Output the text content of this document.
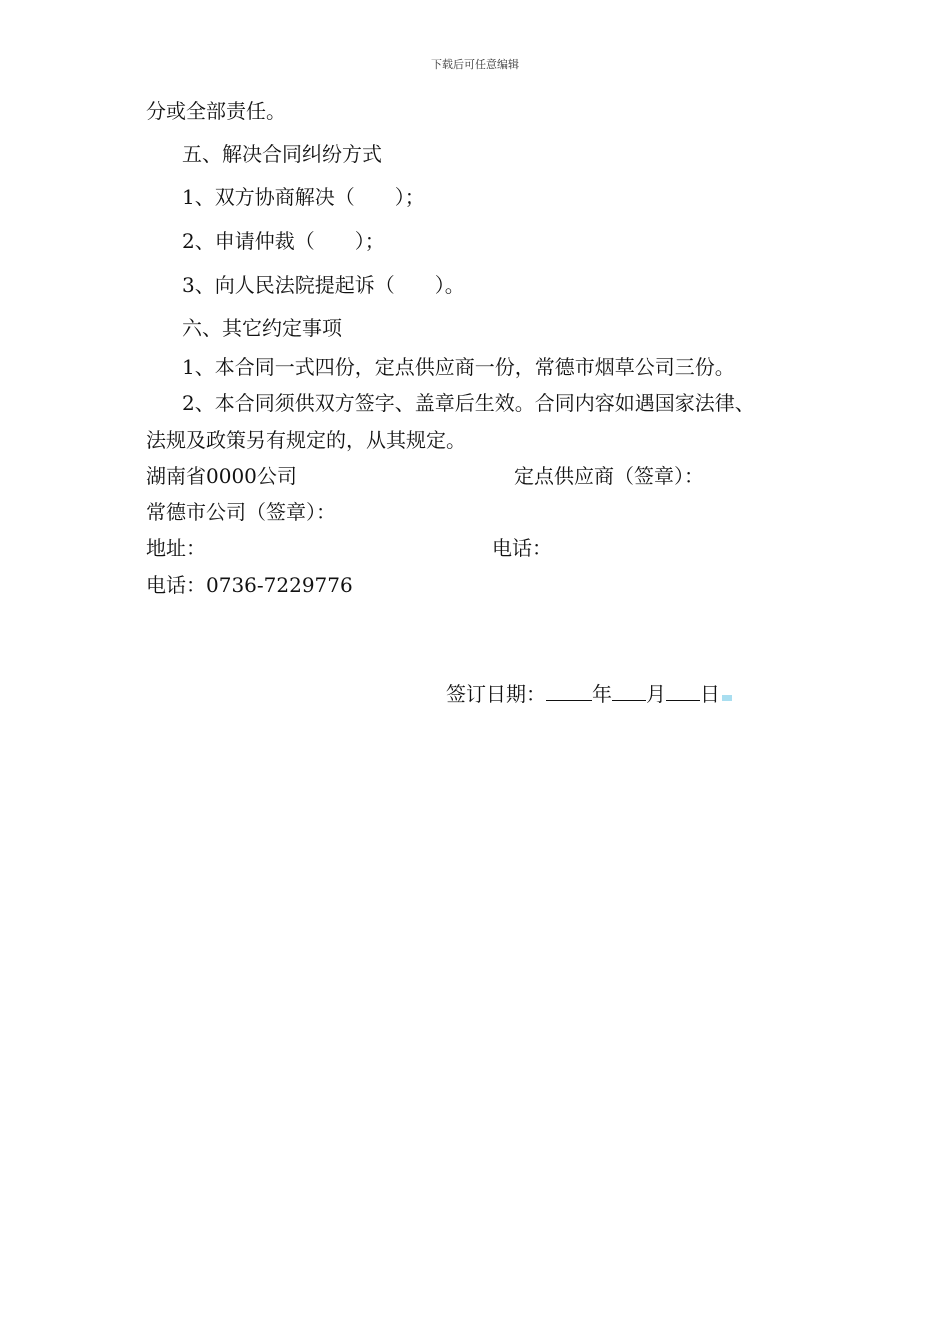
下载后可任意编辑
分或全部责任。
五、解决合同纠纷方式
1、双方协商解决（　　）；
2、申请仲裁（　　）；
3、向人民法院提起诉（　　）。
六、其它约定事项
1、本合同一式四份，定点供应商一份，常德市烟草公司三份。
2、本合同须供双方签字、盖章后生效。合同内容如遇国家法律、
法规及政策另有规定的，从其规定。
湖南省0000公司	定点供应商（签章）：
常德市公司（签章）：
地址：	电话：
电话：0736-7229776
签订日期： 年 月 日
